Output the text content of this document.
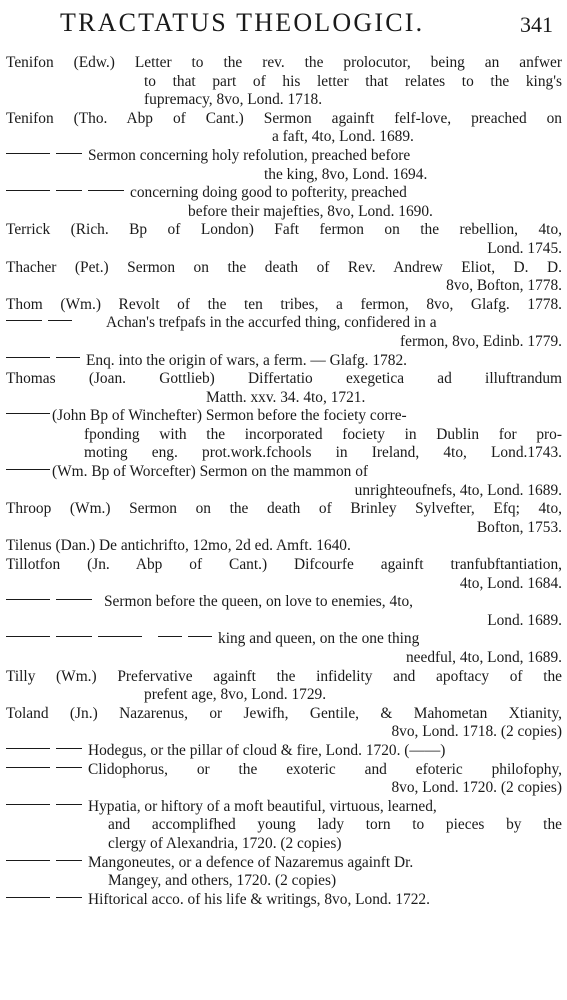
TRACTATUS THEOLOGICI.	341
Tenifon (Edw.) Letter to the rev. the prolocutor, being an anfwer
to that part of his letter that relates to the king's
fupremacy, 8vo, Lond. 1718.
Tenifon (Tho. Abp of Cant.) Sermon againft felf-love, preached on
a faft, 4to, Lond. 1689.
Sermon concerning holy refolution, preached before
the king, 8vo, Lond. 1694.
concerning doing good to pofterity, preached
before their majefties, 8vo, Lond. 1690.
Terrick (Rich. Bp of London) Faft fermon on the rebellion, 4to,
Lond. 1745.
Thacher (Pet.) Sermon on the death of Rev. Andrew Eliot, D. D.
8vo, Bofton, 1778.
Thom (Wm.) Revolt of the ten tribes, a fermon, 8vo, Glafg. 1778.
Achan's trefpafs in the accurfed thing, confidered in a
fermon, 8vo, Edinb. 1779.
Enq. into the origin of wars, a ferm. — Glafg. 1782.
Thomas (Joan. Gottlieb) Differtatio exegetica ad illuftrandum
Matth. xxv. 34. 4to, 1721.
(John Bp of Winchefter) Sermon before the fociety corre-
fponding with the incorporated fociety in Dublin for pro-
moting eng. prot.work.fchools in Ireland, 4to, Lond.1743.
(Wm. Bp of Worcefter) Sermon on the mammon of
unrighteoufnefs, 4to, Lond. 1689.
Throop (Wm.) Sermon on the death of Brinley Sylvefter, Efq; 4to,
Bofton, 1753.
Tilenus (Dan.) De antichrifto, 12mo, 2d ed. Amft. 1640.
Tillotfon (Jn. Abp of Cant.) Difcourfe againft tranfubftantiation,
4to, Lond. 1684.
Sermon before the queen, on love to enemies, 4to,
Lond. 1689.
king and queen, on the one thing
needful, 4to, Lond, 1689.
Tilly (Wm.) Prefervative againft the infidelity and apoftacy of the
prefent age, 8vo, Lond. 1729.
Toland (Jn.) Nazarenus, or Jewifh, Gentile, & Mahometan Xtianity,
8vo, Lond. 1718. (2 copies)
Hodegus, or the pillar of cloud & fire, Lond. 1720. (——)
Clidophorus, or the exoteric and efoteric philofophy,
8vo, Lond. 1720. (2 copies)
Hypatia, or hiftory of a moft beautiful, virtuous, learned,
and accomplifhed young lady torn to pieces by the
clergy of Alexandria, 1720. (2 copies)
Mangoneutes, or a defence of Nazaremus againft Dr.
Mangey, and others, 1720. (2 copies)
Hiftorical acco. of his life & writings, 8vo, Lond. 1722.
